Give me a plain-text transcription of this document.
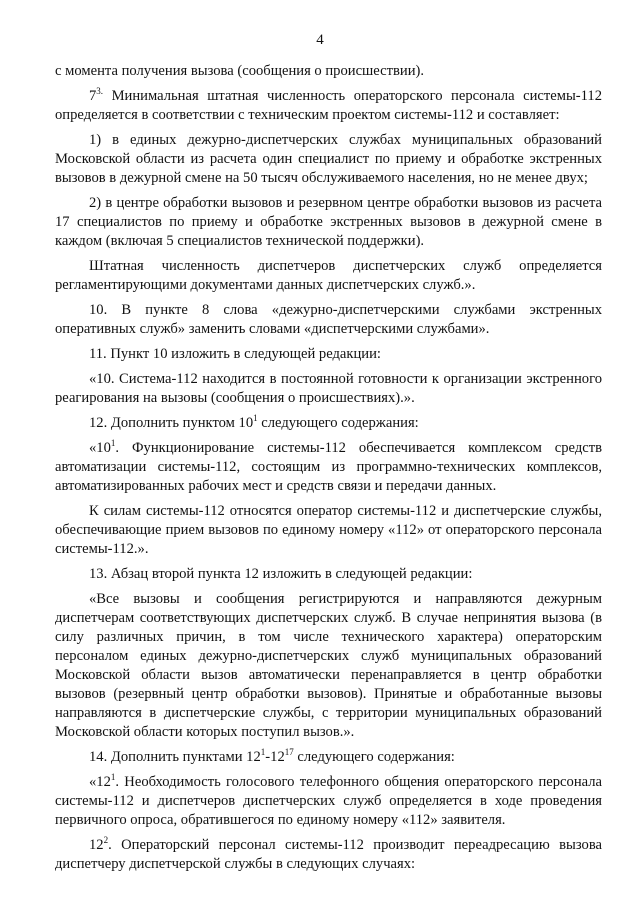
4

с момента получения вызова (сообщения о происшествии).

$7^{3.}$ Минимальная штатная численность операторского персонала системы-112 определяется в соответствии с техническим проектом системы-112 и составляет:

1) в единых дежурно-диспетчерских службах муниципальных образований Московской области из расчета один специалист по приему и обработке экстренных вызовов в дежурной смене на 50 тысяч обслуживаемого населения, но не менее двух;

2) в центре обработки вызовов и резервном центре обработки вызовов из расчета 17 специалистов по приему и обработке экстренных вызовов в дежурной смене в каждом (включая 5 специалистов технической поддержки).

Штатная численность диспетчеров диспетчерских служб определяется регламентирующими документами данных диспетчерских служб.».

10. В пункте 8 слова «дежурно-диспетчерскими службами экстренных оперативных служб» заменить словами «диспетчерскими службами».

11. Пункт 10 изложить в следующей редакции:

«10. Система-112 находится в постоянной готовности к организации экстренного реагирования на вызовы (сообщения о происшествиях).».

12. Дополнить пунктом $10^1$ следующего содержания:

«$10^1$. Функционирование системы-112 обеспечивается комплексом средств автоматизации системы-112, состоящим из программно-технических комплексов, автоматизированных рабочих мест и средств связи и передачи данных.

К силам системы-112 относятся оператор системы-112 и диспетчерские службы, обеспечивающие прием вызовов по единому номеру «112» от операторского персонала системы-112.».

13. Абзац второй пункта 12 изложить в следующей редакции:

«Все вызовы и сообщения регистрируются и направляются дежурным диспетчерам соответствующих диспетчерских служб. В случае непринятия вызова (в силу различных причин, в том числе технического характера) операторским персоналом единых дежурно-диспетчерских служб муниципальных образований Московской области вызов автоматически перенаправляется в центр обработки вызовов (резервный центр обработки вызовов). Принятые и обработанные вызовы направляются в диспетчерские службы, с территории муниципальных образований Московской области которых поступил вызов.».

14. Дополнить пунктами $12^1-12^{17}$ следующего содержания:

«$12^1$. Необходимость голосового телефонного общения операторского персонала системы-112 и диспетчеров диспетчерских служб определяется в ходе проведения первичного опроса, обратившегося по единому номеру «112» заявителя.

$12^2$. Операторский персонал системы-112 производит переадресацию вызова диспетчеру диспетчерской службы в следующих случаях:
